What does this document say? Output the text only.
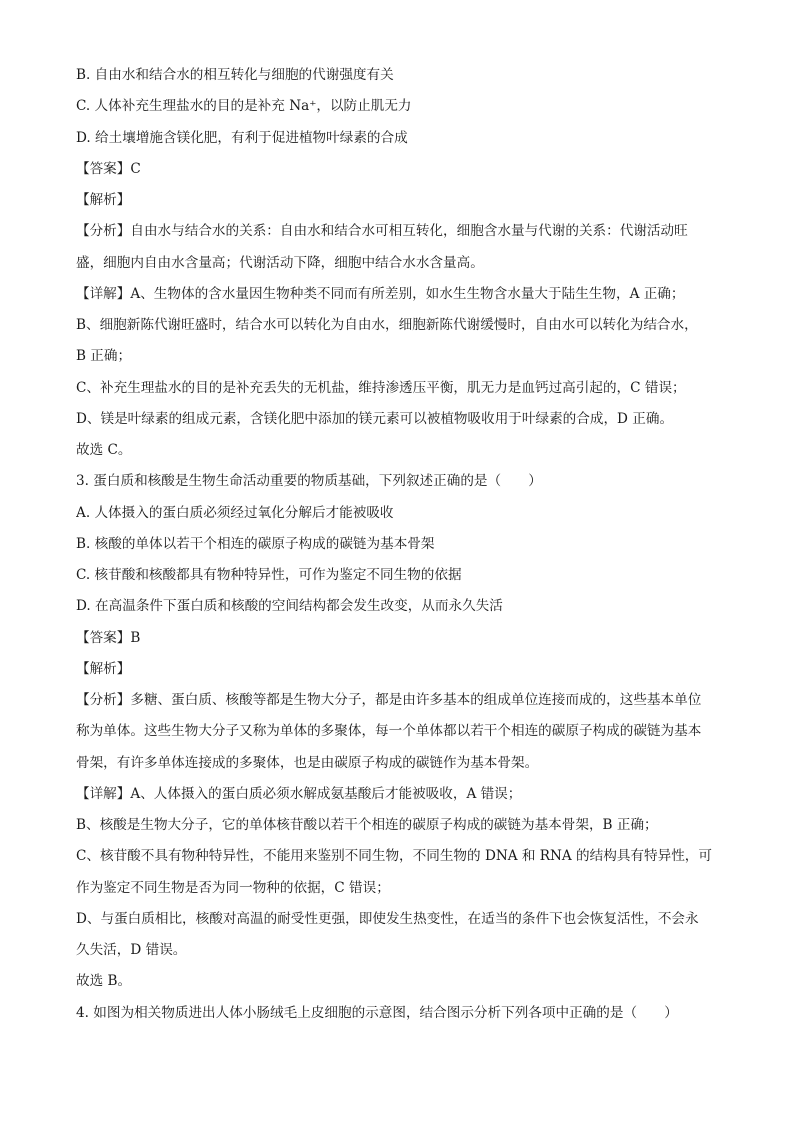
B. 自由水和结合水的相互转化与细胞的代谢强度有关
C. 人体补充生理盐水的目的是补充 Na⁺，以防止肌无力
D. 给土壤增施含镁化肥，有利于促进植物叶绿素的合成
【答案】C
【解析】
【分析】自由水与结合水的关系：自由水和结合水可相互转化，细胞含水量与代谢的关系：代谢活动旺
盛，细胞内自由水含量高；代谢活动下降，细胞中结合水水含量高。
【详解】A、生物体的含水量因生物种类不同而有所差别，如水生生物含水量大于陆生生物，A 正确；
B、细胞新陈代谢旺盛时，结合水可以转化为自由水，细胞新陈代谢缓慢时，自由水可以转化为结合水，
B 正确；
C、补充生理盐水的目的是补充丢失的无机盐，维持渗透压平衡，肌无力是血钙过高引起的，C 错误；
D、镁是叶绿素的组成元素，含镁化肥中添加的镁元素可以被植物吸收用于叶绿素的合成，D 正确。
故选 C。
3. 蛋白质和核酸是生物生命活动重要的物质基础，下列叙述正确的是（　　）
A. 人体摄入的蛋白质必须经过氧化分解后才能被吸收
B. 核酸的单体以若干个相连的碳原子构成的碳链为基本骨架
C. 核苷酸和核酸都具有物种特异性，可作为鉴定不同生物的依据
D. 在高温条件下蛋白质和核酸的空间结构都会发生改变，从而永久失活
【答案】B
【解析】
【分析】多糖、蛋白质、核酸等都是生物大分子，都是由许多基本的组成单位连接而成的，这些基本单位
称为单体。这些生物大分子又称为单体的多聚体，每一个单体都以若干个相连的碳原子构成的碳链为基本
骨架，有许多单体连接成的多聚体，也是由碳原子构成的碳链作为基本骨架。
【详解】A、人体摄入的蛋白质必须水解成氨基酸后才能被吸收，A 错误；
B、核酸是生物大分子，它的单体核苷酸以若干个相连的碳原子构成的碳链为基本骨架，B 正确；
C、核苷酸不具有物种特异性，不能用来鉴别不同生物，不同生物的 DNA 和 RNA 的结构具有特异性，可
作为鉴定不同生物是否为同一物种的依据，C 错误；
D、与蛋白质相比，核酸对高温的耐受性更强，即使发生热变性，在适当的条件下也会恢复活性，不会永
久失活，D 错误。
故选 B。
4. 如图为相关物质进出人体小肠绒毛上皮细胞的示意图，结合图示分析下列各项中正确的是（　　）
